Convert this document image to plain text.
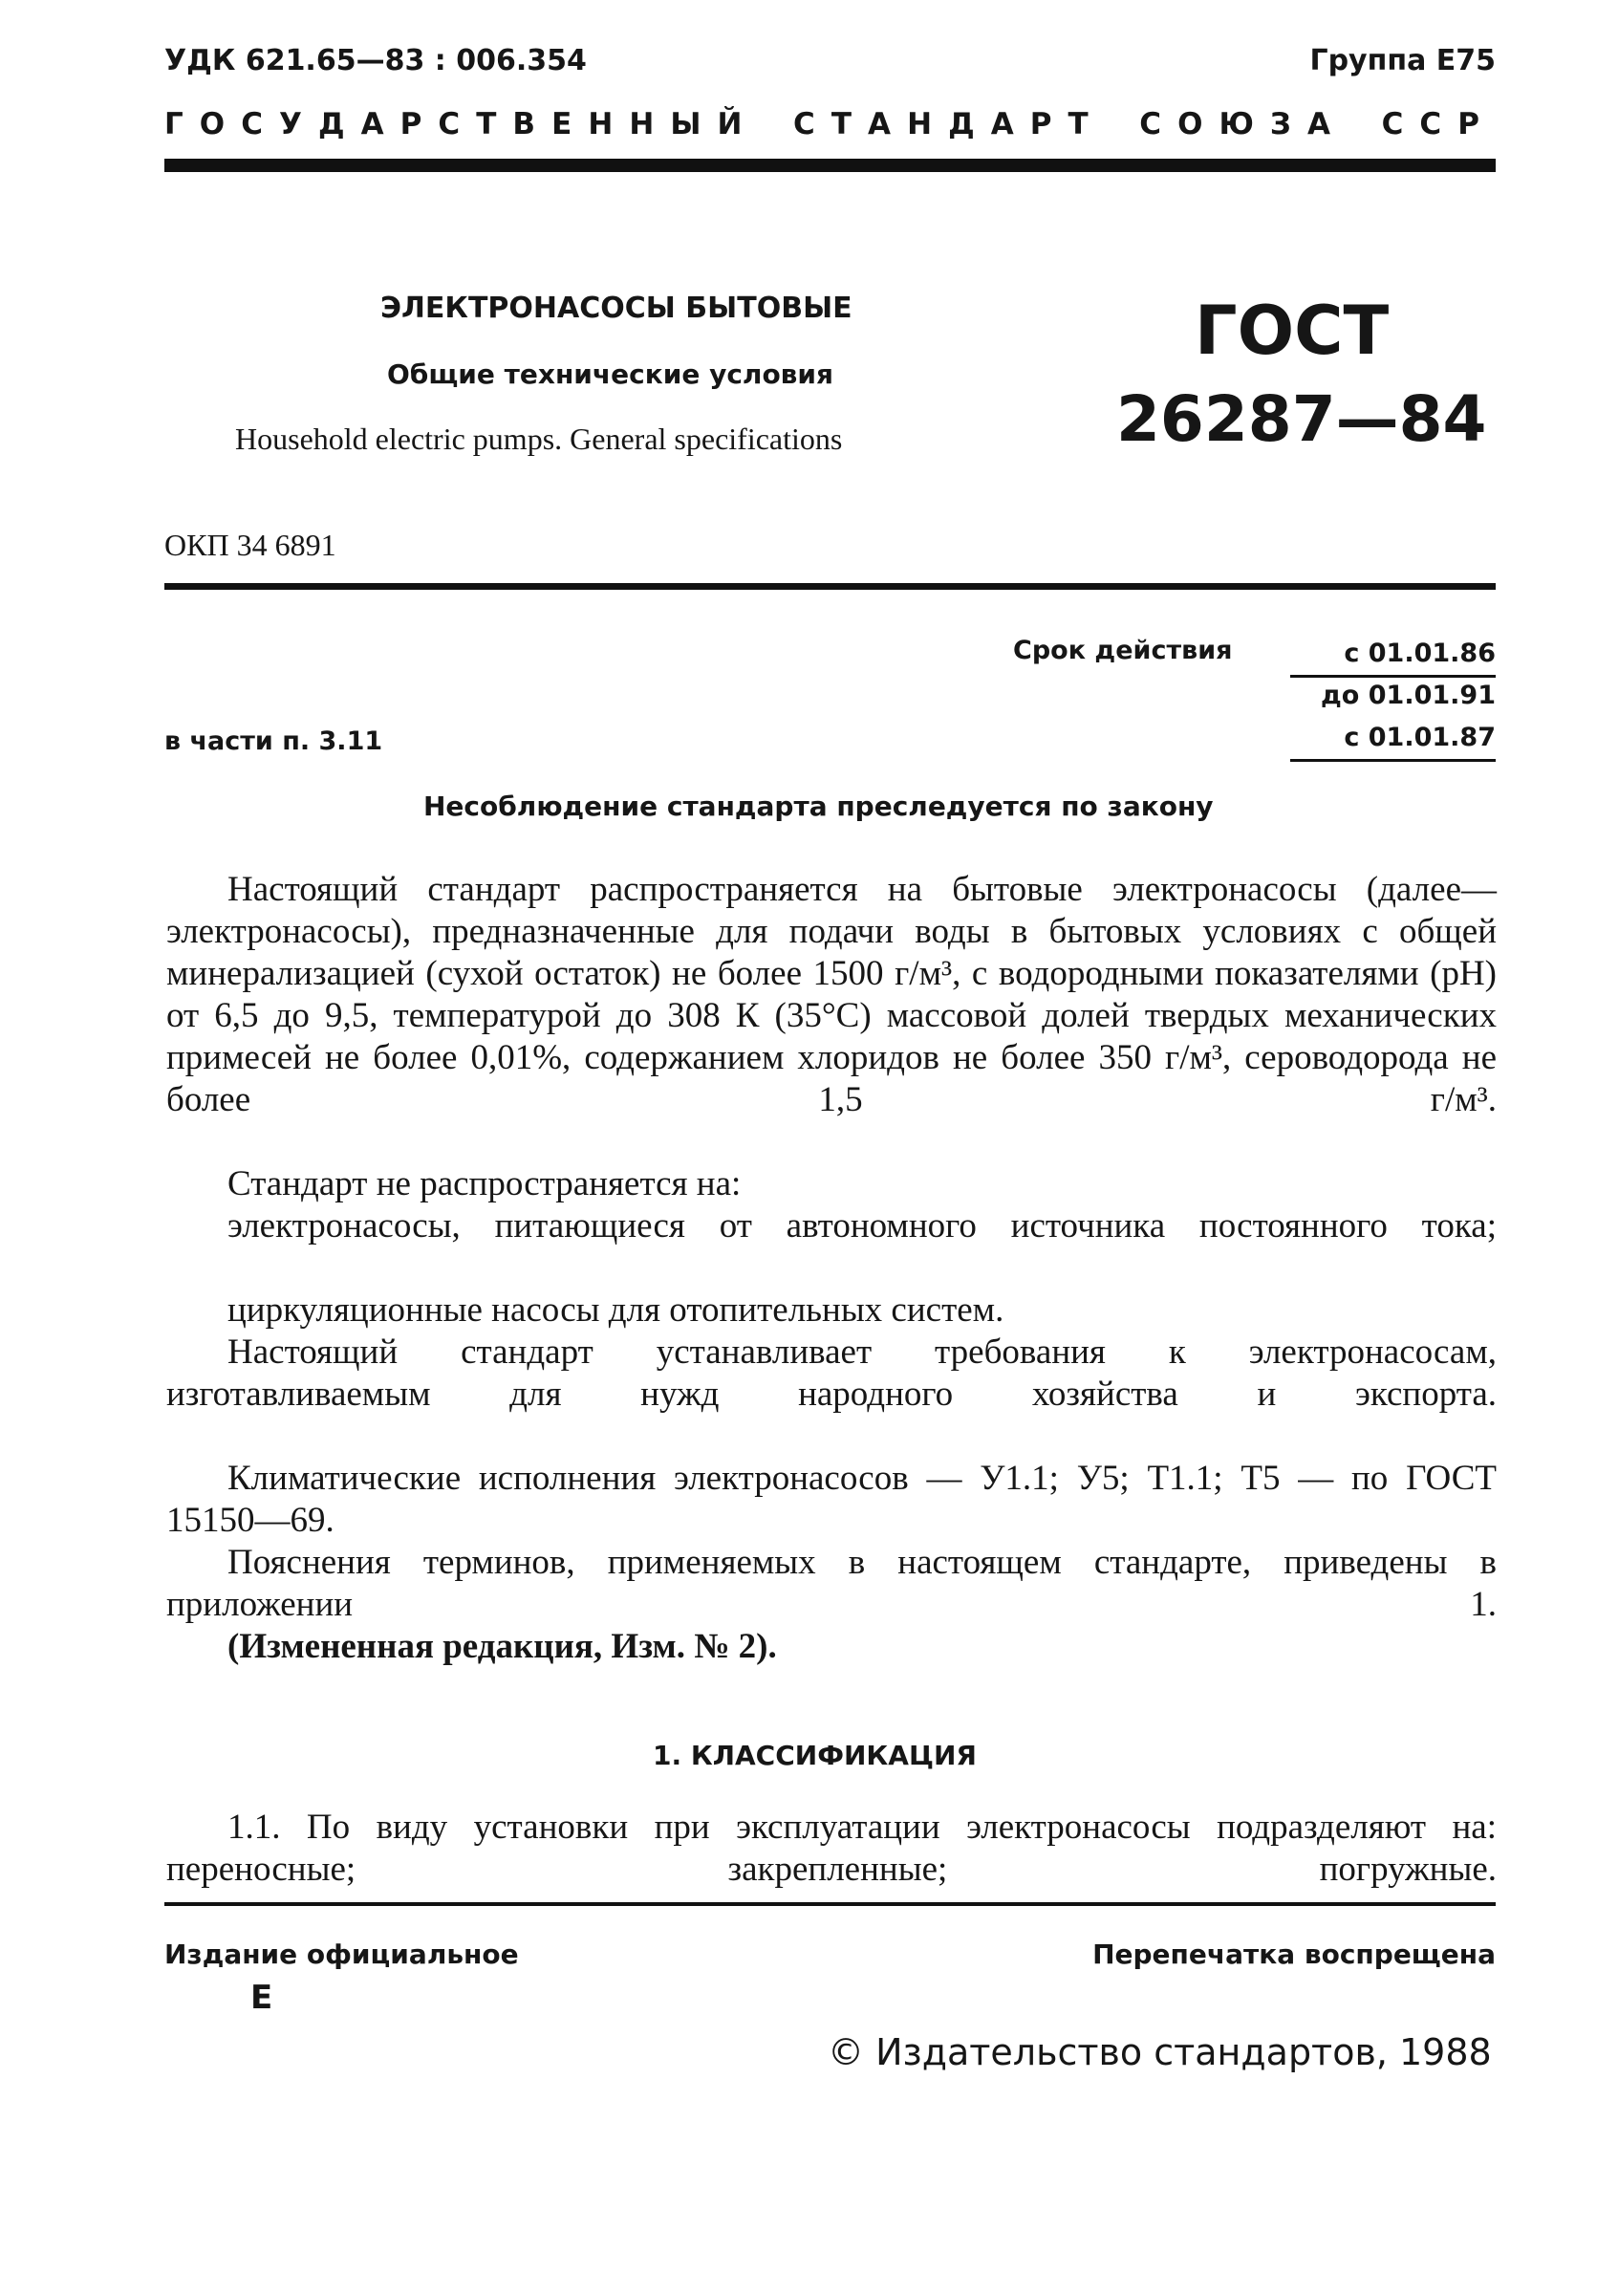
УДК 621.65—83 : 006.354	Группа Е75
ГОСУДАРСТВЕННЫЙ СТАНДАРТ СОЮЗА ССР
ЭЛЕКТРОНАСОСЫ БЫТОВЫЕ
Общие технические условия
Household electric pumps. General specifications
ГОСТ
26287—84
ОКП 34 6891
Срок действия	с 01.01.86
до 01.01.91
в части п. 3.11	с 01.01.87
Несоблюдение стандарта преследуется по закону
Настоящий стандарт распространяется на бытовые электронасосы (далее—электронасосы), предназначенные для подачи воды в бытовых условиях с общей минерализацией (сухой остаток) не более 1500 г/м³, с водородными показателями (рН) от 6,5 до 9,5, температурой до 308 К (35°С) массовой долей твердых механических примесей не более 0,01%, содержанием хлоридов не более 350 г/м³, сероводорода не более 1,5 г/м³.
Стандарт не распространяется на:
электронасосы, питающиеся от автономного источника постоянного тока;
циркуляционные насосы для отопительных систем.
Настоящий стандарт устанавливает требования к электронасосам, изготавливаемым для нужд народного хозяйства и экспорта.
Климатические исполнения электронасосов — У1.1; У5; Т1.1; Т5 — по ГОСТ 15150—69.
Пояснения терминов, применяемых в настоящем стандарте, приведены в приложении 1.
(Измененная редакция, Изм. № 2).
1. КЛАССИФИКАЦИЯ
1.1. По виду установки при эксплуатации электронасосы подразделяют на: переносные; закрепленные; погружные.
Издание официальное
Е
Перепечатка воспрещена
© Издательство стандартов, 1988
